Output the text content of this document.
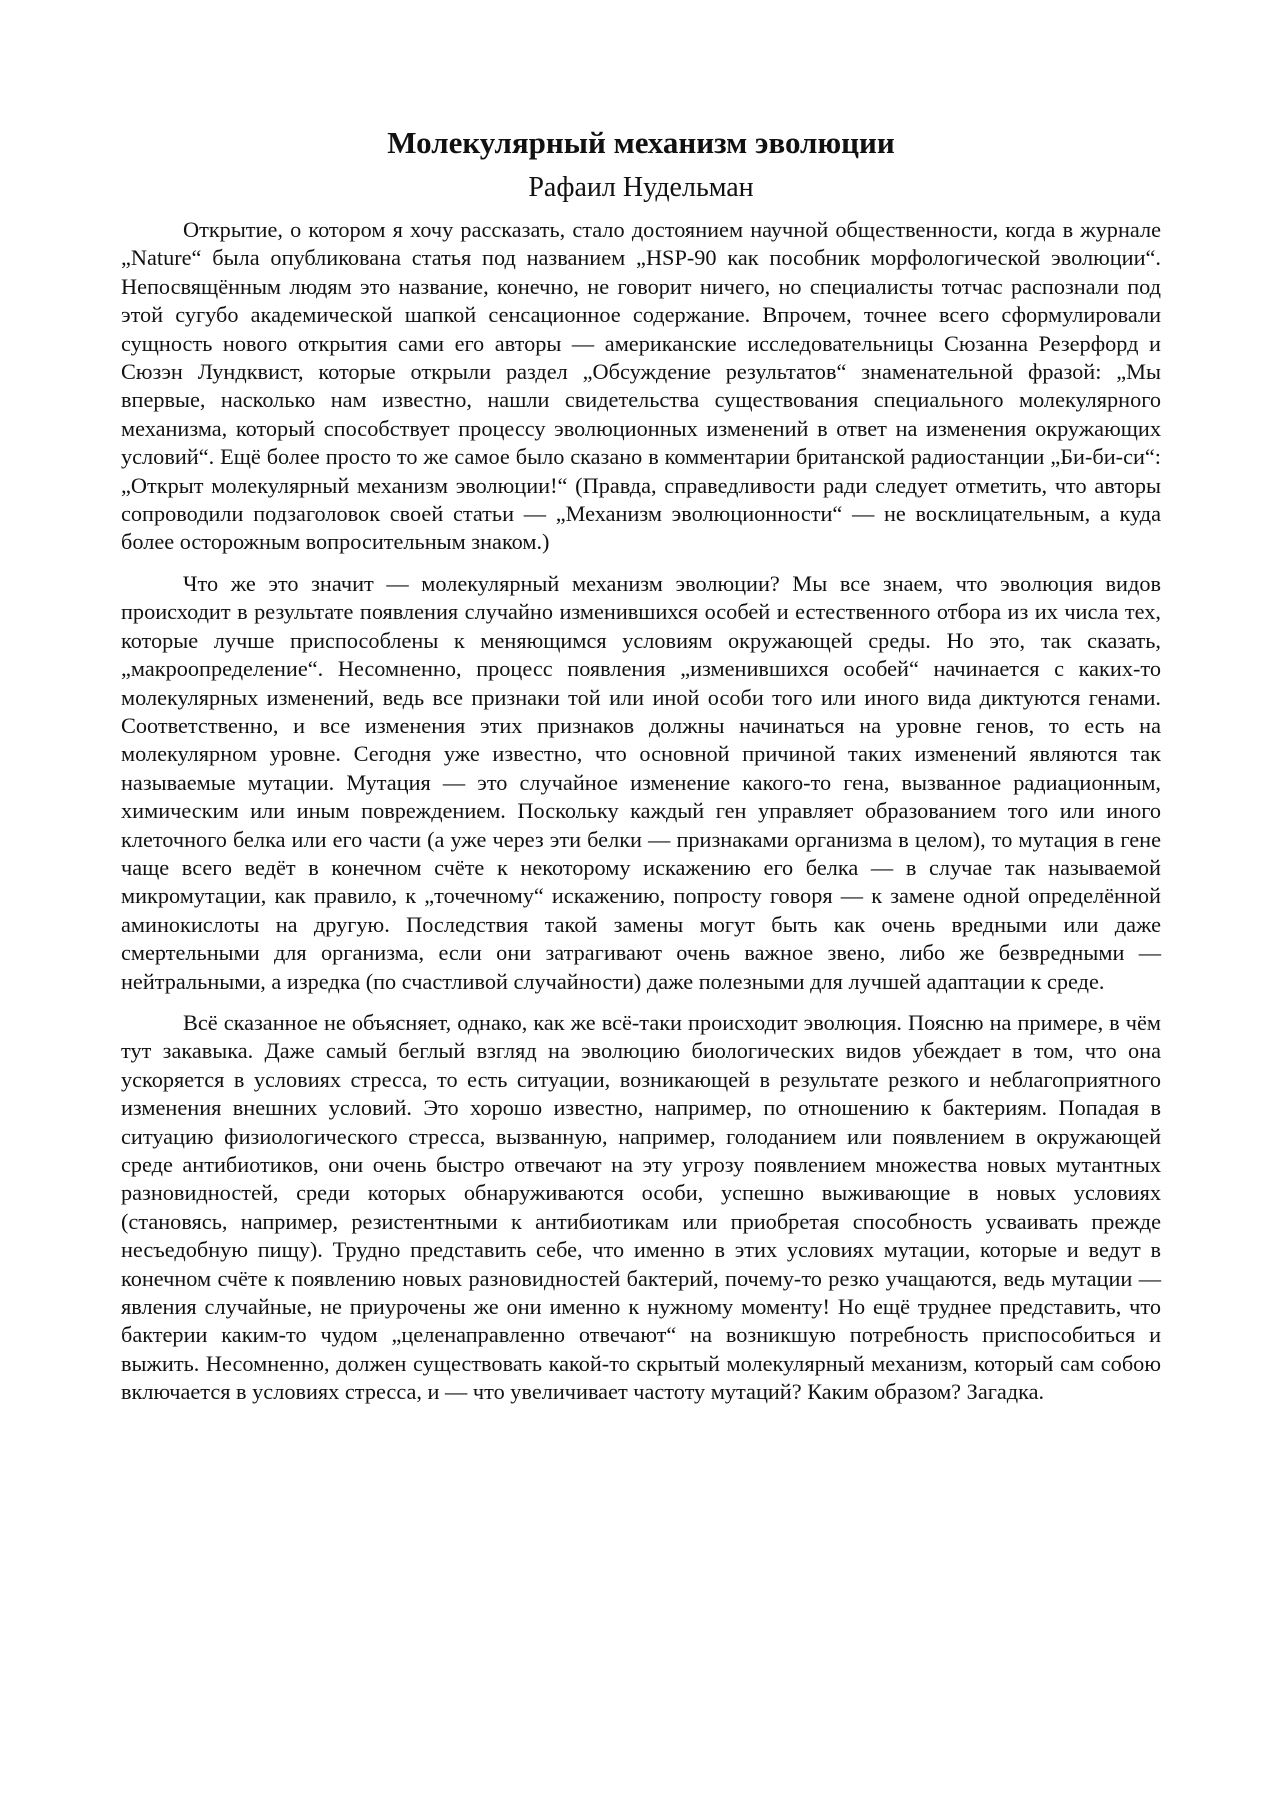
Молекулярный механизм эволюции
Рафаил Нудельман

Открытие, о котором я хочу рассказать, стало достоянием научной общественности, когда в журнале „Nature“ была опубликована статья под названием „HSP-90 как пособник морфологической эволюции“. Непосвящённым людям это название, конечно, не говорит ничего, но специалисты тотчас распознали под этой сугубо академической шапкой сенсационное содержание. Впрочем, точнее всего сформулировали сущность нового открытия сами его авторы — американские исследовательницы Сюзанна Резерфорд и Сюзэн Лундквист, которые открыли раздел „Обсуждение результатов“ знаменательной фразой: „Мы впервые, насколько нам известно, нашли свидетельства существования специального молекулярного механизма, который способствует процессу эволюционных изменений в ответ на изменения окружающих условий“. Ещё более просто то же самое было сказано в комментарии британской радиостанции „Би-би-си“: „Открыт молекулярный механизм эволюции!“ (Правда, справедливости ради следует отметить, что авторы сопроводили подзаголовок своей статьи — „Механизм эволюционности“ — не восклицательным, а куда более осторожным вопросительным знаком.)

Что же это значит — молекулярный механизм эволюции? Мы все знаем, что эволюция видов происходит в результате появления случайно изменившихся особей и естественного отбора из их числа тех, которые лучше приспособлены к меняющимся условиям окружающей среды. Но это, так сказать, „макроопределение“. Несомненно, процесс появления „изменившихся особей“ начинается с каких-то молекулярных изменений, ведь все признаки той или иной особи того или иного вида диктуются генами. Соответственно, и все изменения этих признаков должны начинаться на уровне генов, то есть на молекулярном уровне. Сегодня уже известно, что основной причиной таких изменений являются так называемые мутации. Мутация — это случайное изменение какого-то гена, вызванное радиационным, химическим или иным повреждением. Поскольку каждый ген управляет образованием того или иного клеточного белка или его части (а уже через эти белки — признаками организма в целом), то мутация в гене чаще всего ведёт в конечном счёте к некоторому искажению его белка — в случае так называемой микромутации, как правило, к „точечному“ искажению, попросту говоря — к замене одной определённой аминокислоты на другую. Последствия такой замены могут быть как очень вредными или даже смертельными для организма, если они затрагивают очень важное звено, либо же безвредными — нейтральными, а изредка (по счастливой случайности) даже полезными для лучшей адаптации к среде.

Всё сказанное не объясняет, однако, как же всё-таки происходит эволюция. Поясню на примере, в чём тут закавыка. Даже самый беглый взгляд на эволюцию биологических видов убеждает в том, что она ускоряется в условиях стресса, то есть ситуации, возникающей в результате резкого и неблагоприятного изменения внешних условий. Это хорошо известно, например, по отношению к бактериям. Попадая в ситуацию физиологического стресса, вызванную, например, голоданием или появлением в окружающей среде антибиотиков, они очень быстро отвечают на эту угрозу появлением множества новых мутантных разновидностей, среди которых обнаруживаются особи, успешно выживающие в новых условиях (становясь, например, резистентными к антибиотикам или приобретая способность усваивать прежде несъедобную пищу). Трудно представить себе, что именно в этих условиях мутации, которые и ведут в конечном счёте к появлению новых разновидностей бактерий, почему-то резко учащаются, ведь мутации — явления случайные, не приурочены же они именно к нужному моменту! Но ещё труднее представить, что бактерии каким-то чудом „целенаправленно отвечают“ на возникшую потребность приспособиться и выжить. Несомненно, должен существовать какой-то скрытый молекулярный механизм, который сам собою включается в условиях стресса, и — что увеличивает частоту мутаций? Каким образом? Загадка.
